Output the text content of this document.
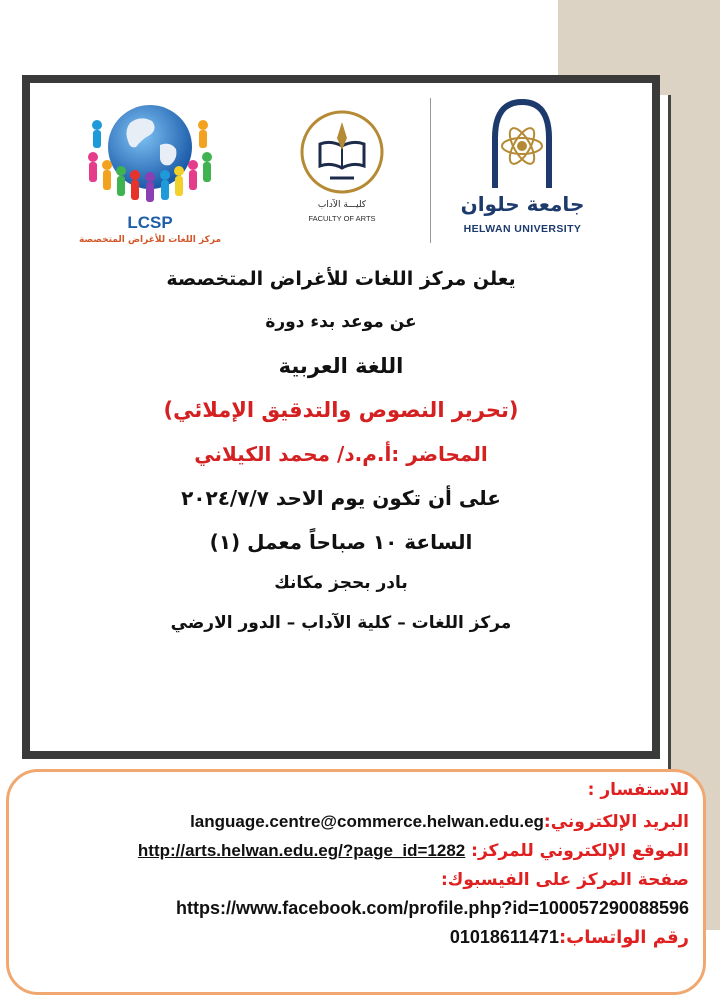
LCSP
مركز اللغات للأغراض المتخصصة
كليـــة الآداب
FACULTY OF ARTS
جامعة حلوان
HELWAN UNIVERSITY
يعلن مركز اللغات للأغراض المتخصصة
عن موعد بدء دورة
اللغة العربية
(تحرير النصوص والتدقيق الإملائي)
المحاضر :أ.م.د/ محمد الكيلاني
على أن تكون يوم الاحد ٢٠٢٤/٧/٧
الساعة ١٠ صباحاً معمل (١)
بادر بحجز مكانك
مركز اللغات – كلية الآداب – الدور الارضي
للاستفسار :
البريد الإلكتروني:language.centre@commerce.helwan.edu.eg
الموقع الإلكتروني للمركز: http://arts.helwan.edu.eg/?page_id=1282
صفحة المركز على الفيسبوك:
https://www.facebook.com/profile.php?id=100057290088596
رقم الواتساب:01018611471
